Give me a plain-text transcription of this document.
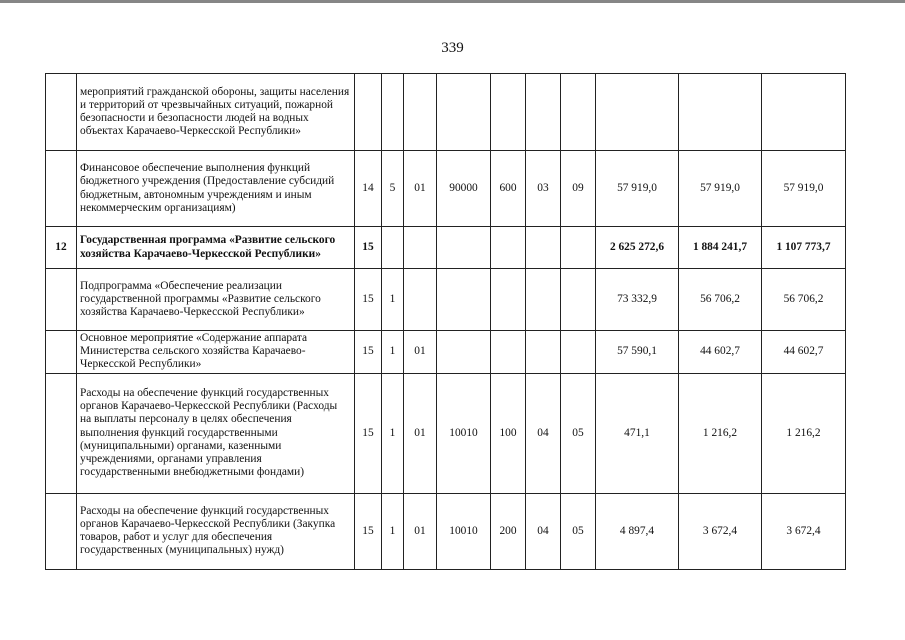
339
	мероприятий гражданской обороны, защиты населения и территорий от чрезвычайных ситуаций, пожарной безопасности и безопасности людей на водных объектах Карачаево-Черкесской Республики»										
	Финансовое обеспечение выполнения функций бюджетного учреждения (Предоставление субсидий бюджетным, автономным учреждениям и иным некоммерческим организациям)	14	5	01	90000	600	03	09	57 919,0	57 919,0	57 919,0
12	Государственная программа «Развитие сельского хозяйства Карачаево-Черкесской Республики»	15							2 625 272,6	1 884 241,7	1 107 773,7
	Подпрограмма «Обеспечение реализации государственной программы «Развитие сельского хозяйства Карачаево-Черкесской Республики»	15	1						73 332,9	56 706,2	56 706,2
	Основное мероприятие «Содержание аппарата Министерства сельского хозяйства Карачаево-Черкесской Республики»	15	1	01					57 590,1	44 602,7	44 602,7
	Расходы на обеспечение функций государственных органов Карачаево-Черкесской Республики (Расходы на выплаты персоналу в целях обеспечения выполнения функций государственными (муниципальными) органами, казенными учреждениями, органами управления государственными внебюджетными фондами)	15	1	01	10010	100	04	05	471,1	1 216,2	1 216,2
	Расходы на обеспечение функций государственных органов Карачаево-Черкесской Республики (Закупка товаров, работ и услуг для обеспечения государственных (муниципальных) нужд)	15	1	01	10010	200	04	05	4 897,4	3 672,4	3 672,4
